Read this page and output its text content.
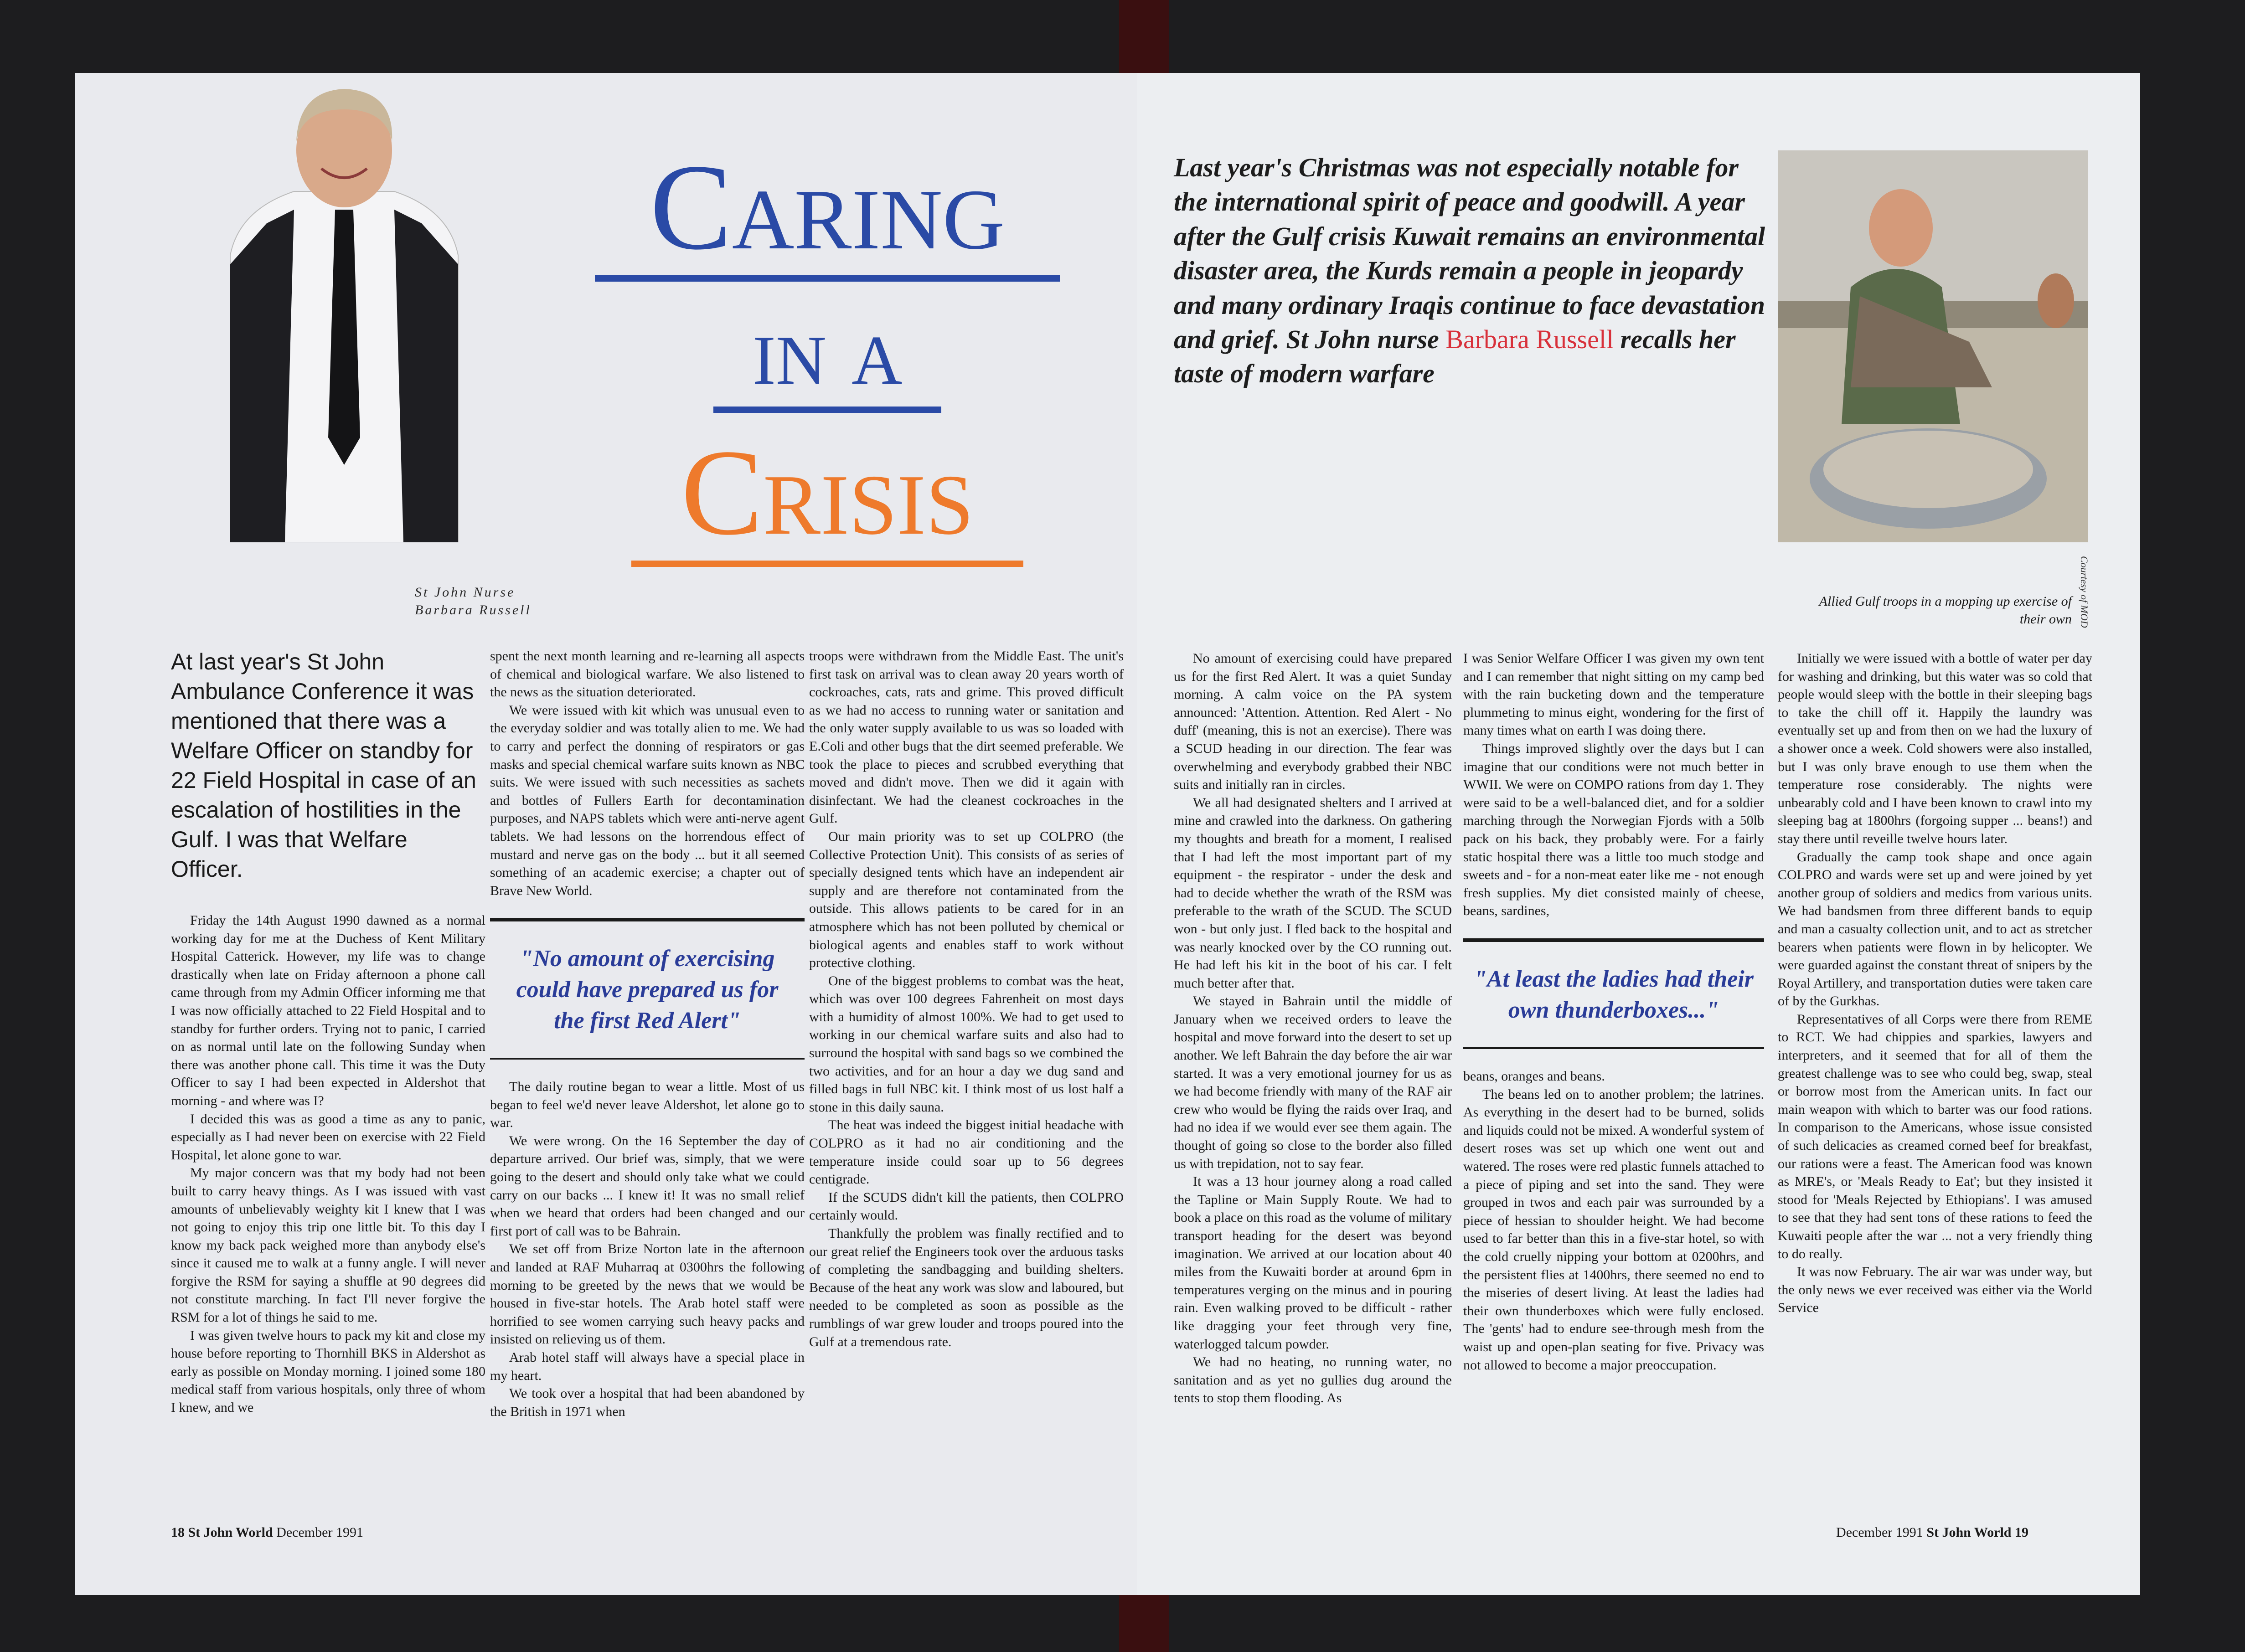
St John Nurse
Barbara Russell
Caring
in a
Crisis

At last year's St John Ambulance Conference it was mentioned that there was a Welfare Officer on standby for 22 Field Hospital in case of an escalation of hostilities in the Gulf. I was that Welfare Officer.

Friday the 14th August 1990 dawned as a normal working day for me at the Duchess of Kent Military Hospital Catterick. However, my life was to change drastically when late on Friday afternoon a phone call came through from my Admin Officer informing me that I was now officially attached to 22 Field Hospital and to standby for further orders. Trying not to panic, I carried on as normal until late on the following Sunday when there was another phone call. This time it was the Duty Officer to say I had been expected in Aldershot that morning - and where was I?

I decided this was as good a time as any to panic, especially as I had never been on exercise with 22 Field Hospital, let alone gone to war.

My major concern was that my body had not been built to carry heavy things. As I was issued with vast amounts of unbelievably weighty kit I knew that I was not going to enjoy this trip one little bit. To this day I know my back pack weighed more than anybody else's since it caused me to walk at a funny angle. I will never forgive the RSM for saying a shuffle at 90 degrees did not constitute marching. In fact I'll never forgive the RSM for a lot of things he said to me.

I was given twelve hours to pack my kit and close my house before reporting to Thornhill BKS in Aldershot as early as possible on Monday morning. I joined some 180 medical staff from various hospitals, only three of whom I knew, and we

spent the next month learning and re-learning all aspects of chemical and biological warfare. We also listened to the news as the situation deteriorated.

We were issued with kit which was unusual even to the everyday soldier and was totally alien to me. We had to carry and perfect the donning of respirators or gas masks and special chemical warfare suits known as NBC suits. We were issued with such necessities as sachets and bottles of Fullers Earth for decontamination purposes, and NAPS tablets which were anti-nerve agent tablets. We had lessons on the horrendous effect of mustard and nerve gas on the body ... but it all seemed something of an academic exercise; a chapter out of Brave New World.

"No amount of exercising could have prepared us for the first Red Alert"

The daily routine began to wear a little. Most of us began to feel we'd never leave Aldershot, let alone go to war.

We were wrong. On the 16 September the day of departure arrived. Our brief was, simply, that we were going to the desert and should only take what we could carry on our backs ... I knew it! It was no small relief when we heard that orders had been changed and our first port of call was to be Bahrain.

We set off from Brize Norton late in the afternoon and landed at RAF Muharraq at 0300hrs the following morning to be greeted by the news that we would be housed in five-star hotels. The Arab hotel staff were horrified to see women carrying such heavy packs and insisted on relieving us of them.

Arab hotel staff will always have a special place in my heart.

We took over a hospital that had been abandoned by the British in 1971 when

troops were withdrawn from the Middle East. The unit's first task on arrival was to clean away 20 years worth of cockroaches, cats, rats and grime. This proved difficult as we had no access to running water or sanitation and the only water supply available to us was so loaded with E.Coli and other bugs that the dirt seemed preferable. We took the place to pieces and scrubbed everything that moved and didn't move. Then we did it again with disinfectant. We had the cleanest cockroaches in the Gulf.

Our main priority was to set up COLPRO (the Collective Protection Unit). This consists of as series of specially designed tents which have an independent air supply and are therefore not contaminated from the outside. This allows patients to be cared for in an atmosphere which has not been polluted by chemical or biological agents and enables staff to work without protective clothing.

One of the biggest problems to combat was the heat, which was over 100 degrees Fahrenheit on most days with a humidity of almost 100%. We had to get used to working in our chemical warfare suits and also had to surround the hospital with sand bags so we combined the two activities, and for an hour a day we dug sand and filled bags in full NBC kit. I think most of us lost half a stone in this daily sauna.

The heat was indeed the biggest initial headache with COLPRO as it had no air conditioning and the temperature inside could soar up to 56 degrees centigrade.

If the SCUDS didn't kill the patients, then COLPRO certainly would.

Thankfully the problem was finally rectified and to our great relief the Engineers took over the arduous tasks of completing the sandbagging and building shelters. Because of the heat any work was slow and laboured, but needed to be completed as soon as possible as the rumblings of war grew louder and troops poured into the Gulf at a tremendous rate.

18 St John World December 1991
Last year's Christmas was not especially notable for the international spirit of peace and goodwill. A year after the Gulf crisis Kuwait remains an environmental disaster area, the Kurds remain a people in jeopardy and many ordinary Iraqis continue to face devastation and grief. St John nurse Barbara Russell recalls her taste of modern warfare
Allied Gulf troops in a mopping up exercise of their own Courtesy of MOD

No amount of exercising could have prepared us for the first Red Alert. It was a quiet Sunday morning. A calm voice on the PA system announced: 'Attention. Attention. Red Alert - No duff' (meaning, this is not an exercise). There was a SCUD heading in our direction. The fear was overwhelming and everybody grabbed their NBC suits and initially ran in circles.

We all had designated shelters and I arrived at mine and crawled into the darkness. On gathering my thoughts and breath for a moment, I realised that I had left the most important part of my equipment - the respirator - under the desk and had to decide whether the wrath of the RSM was preferable to the wrath of the SCUD. The SCUD won - but only just. I fled back to the hospital and was nearly knocked over by the CO running out. He had left his kit in the boot of his car. I felt much better after that.

We stayed in Bahrain until the middle of January when we received orders to leave the hospital and move forward into the desert to set up another. We left Bahrain the day before the air war started. It was a very emotional journey for us as we had become friendly with many of the RAF air crew who would be flying the raids over Iraq, and had no idea if we would ever see them again. The thought of going so close to the border also filled us with trepidation, not to say fear.

It was a 13 hour journey along a road called the Tapline or Main Supply Route. We had to book a place on this road as the volume of military transport heading for the desert was beyond imagination. We arrived at our location about 40 miles from the Kuwaiti border at around 6pm in temperatures verging on the minus and in pouring rain. Even walking proved to be difficult - rather like dragging your feet through very fine, waterlogged talcum powder.

We had no heating, no running water, no sanitation and as yet no gullies dug around the tents to stop them flooding. As

I was Senior Welfare Officer I was given my own tent and I can remember that night sitting on my camp bed with the rain bucketing down and the temperature plummeting to minus eight, wondering for the first of many times what on earth I was doing there.

Things improved slightly over the days but I can imagine that our conditions were not much better in WWII. We were on COMPO rations from day 1. They were said to be a well-balanced diet, and for a soldier marching through the Norwegian Fjords with a 50lb pack on his back, they probably were. For a fairly static hospital there was a little too much stodge and sweets and - for a non-meat eater like me - not enough fresh supplies. My diet consisted mainly of cheese, beans, sardines,

"At least the ladies had their own thunderboxes..."

beans, oranges and beans.

The beans led on to another problem; the latrines. As everything in the desert had to be burned, solids and liquids could not be mixed. A wonderful system of desert roses was set up which one went out and watered. The roses were red plastic funnels attached to a piece of piping and set into the sand. They were grouped in twos and each pair was surrounded by a piece of hessian to shoulder height. We had become used to far better than this in a five-star hotel, so with the cold cruelly nipping your bottom at 0200hrs, and the persistent flies at 1400hrs, there seemed no end to the miseries of desert living. At least the ladies had their own thunderboxes which were fully enclosed. The 'gents' had to endure see-through mesh from the waist up and open-plan seating for five. Privacy was not allowed to become a major preoccupation.

Initially we were issued with a bottle of water per day for washing and drinking, but this water was so cold that people would sleep with the bottle in their sleeping bags to take the chill off it. Happily the laundry was eventually set up and from then on we had the luxury of a shower once a week. Cold showers were also installed, but I was only brave enough to use them when the temperature rose considerably. The nights were unbearably cold and I have been known to crawl into my sleeping bag at 1800hrs (forgoing supper ... beans!) and stay there until reveille twelve hours later.

Gradually the camp took shape and once again COLPRO and wards were set up and were joined by yet another group of soldiers and medics from various units. We had bandsmen from three different bands to equip and man a casualty collection unit, and to act as stretcher bearers when patients were flown in by helicopter. We were guarded against the constant threat of snipers by the Royal Artillery, and transportation duties were taken care of by the Gurkhas.

Representatives of all Corps were there from REME to RCT. We had chippies and sparkies, lawyers and interpreters, and it seemed that for all of them the greatest challenge was to see who could beg, swap, steal or borrow most from the American units. In fact our main weapon with which to barter was our food rations. In comparison to the Americans, whose issue consisted of such delicacies as creamed corned beef for breakfast, our rations were a feast. The American food was known as MRE's, or 'Meals Ready to Eat'; but they insisted it stood for 'Meals Rejected by Ethiopians'. I was amused to see that they had sent tons of these rations to feed the Kuwaiti people after the war ... not a very friendly thing to do really.

It was now February. The air war was under way, but the only news we ever received was either via the World Service

December 1991 St John World 19
